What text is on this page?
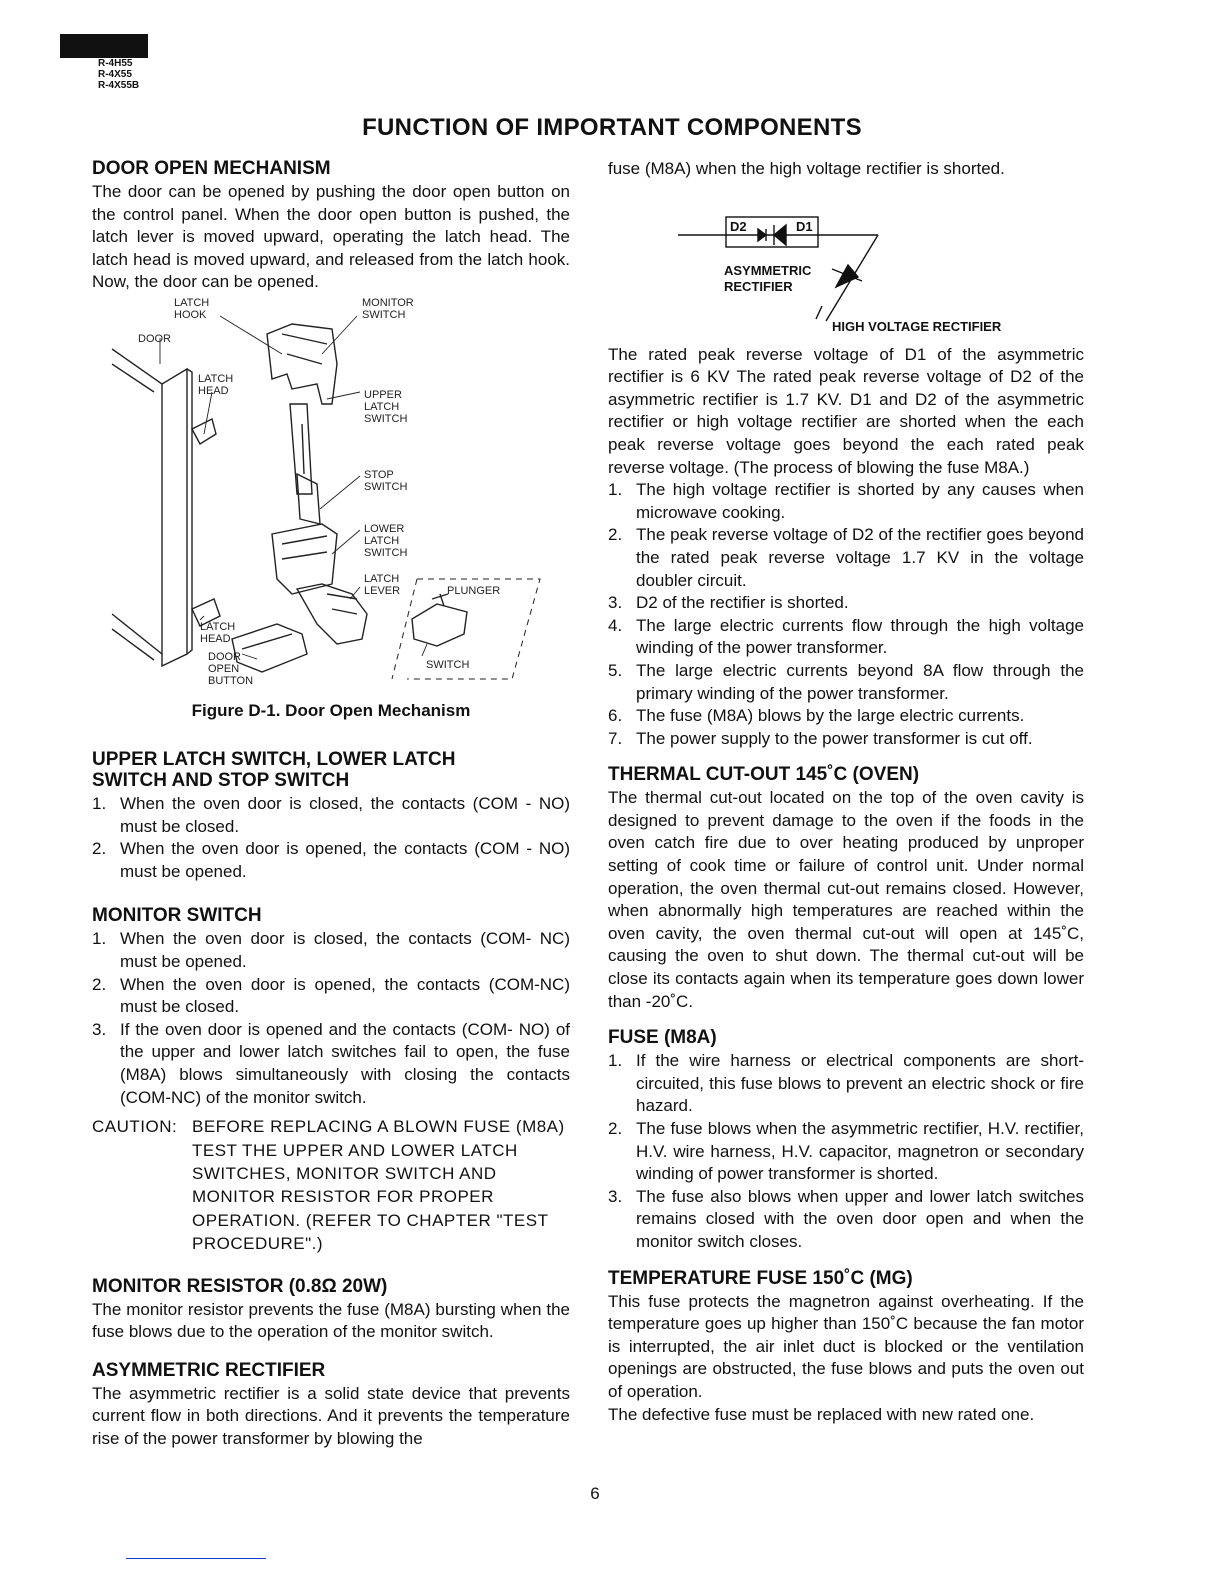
R-4H55
R-4X55
R-4X55B
FUNCTION OF IMPORTANT COMPONENTS
DOOR OPEN MECHANISM

The door can be opened by pushing the door open button on the control panel. When the door open button is pushed, the latch lever is moved upward, operating the latch head. The latch head is moved upward, and released from the latch hook. Now, the door can be opened.

LATCH
HOOK
MONITOR
SWITCH
DOOR
LATCH
HEAD	UPPER
LATCH
SWITCH
STOP
SWITCH
LOWER
LATCH
SWITCH
LATCH
LEVER	PLUNGER
LATCH
HEAD
DOOR
OPEN
BUTTON
SWITCH
Figure D-1. Door Open Mechanism
UPPER LATCH SWITCH, LOWER LATCH
SWITCH AND STOP SWITCH
1. When the oven door is closed, the contacts (COM - NO) must be closed.
2. When the oven door is opened, the contacts (COM - NO) must be opened.
MONITOR SWITCH
1. When the oven door is closed, the contacts (COM- NC) must be opened.
2. When the oven door is opened, the contacts (COM-NC) must be closed.
3. If the oven door is opened and the contacts (COM- NO) of the upper and lower latch switches fail to open, the fuse (M8A) blows simultaneously with closing the contacts (COM-NC) of the monitor switch.
CAUTION: BEFORE REPLACING A BLOWN FUSE (M8A) TEST THE UPPER AND LOWER LATCH SWITCHES, MONITOR SWITCH AND MONITOR RESISTOR FOR PROPER OPERATION. (REFER TO CHAPTER "TEST PROCEDURE".)
MONITOR RESISTOR (0.8Ω 20W)

The monitor resistor prevents the fuse (M8A) bursting when the fuse blows due to the operation of the monitor switch.

ASYMMETRIC RECTIFIER

The asymmetric rectifier is a solid state device that prevents current flow in both directions. And it prevents the temperature rise of the power transformer by blowing the

fuse (M8A) when the high voltage rectifier is shorted.

D2	D1
ASYMMETRIC
RECTIFIER
HIGH VOLTAGE RECTIFIER

The rated peak reverse voltage of D1 of the asymmetric rectifier is 6 KV The rated peak reverse voltage of D2 of the asymmetric rectifier is 1.7 KV. D1 and D2 of the asymmetric rectifier or high voltage rectifier are shorted when the each peak reverse voltage goes beyond the each rated peak reverse voltage. (The process of blowing the fuse M8A.)

1. The high voltage rectifier is shorted by any causes when microwave cooking.
2. The peak reverse voltage of D2 of the rectifier goes beyond the rated peak reverse voltage 1.7 KV in the voltage doubler circuit.
3. D2 of the rectifier is shorted.
4. The large electric currents flow through the high voltage winding of the power transformer.
5. The large electric currents beyond 8A flow through the primary winding of the power transformer.
6. The fuse (M8A) blows by the large electric currents.
7. The power supply to the power transformer is cut off.
THERMAL CUT-OUT 145˚C (OVEN)

The thermal cut-out located on the top of the oven cavity is designed to prevent damage to the oven if the foods in the oven catch fire due to over heating produced by unproper setting of cook time or failure of control unit. Under normal operation, the oven thermal cut-out remains closed. However, when abnormally high temperatures are reached within the oven cavity, the oven thermal cut-out will open at 145˚C, causing the oven to shut down. The thermal cut-out will be close its contacts again when its temperature goes down lower than -20˚C.

FUSE (M8A)
1. If the wire harness or electrical components are short-circuited, this fuse blows to prevent an electric shock or fire hazard.
2. The fuse blows when the asymmetric rectifier, H.V. rectifier, H.V. wire harness, H.V. capacitor, magnetron or secondary winding of power transformer is shorted.
3. The fuse also blows when upper and lower latch switches remains closed with the oven door open and when the monitor switch closes.
TEMPERATURE FUSE 150˚C (MG)

This fuse protects the magnetron against overheating. If the temperature goes up higher than 150˚C because the fan motor is interrupted, the air inlet duct is blocked or the ventilation openings are obstructed, the fuse blows and puts the oven out of operation.

The defective fuse must be replaced with new rated one.

6
